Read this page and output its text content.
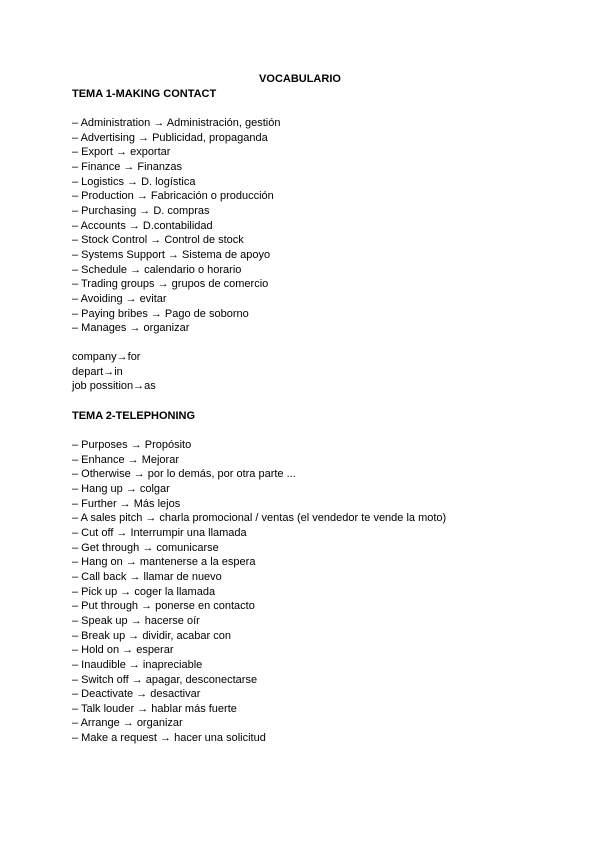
VOCABULARIO
TEMA 1-MAKING CONTACT
– Administration → Administración, gestión
– Advertising → Publicidad, propaganda
– Export → exportar
– Finance → Finanzas
– Logistics → D. logística
– Production → Fabricación o producción
– Purchasing → D. compras
– Accounts → D.contabilidad
– Stock Control → Control de stock
– Systems Support → Sistema de apoyo
– Schedule → calendario o horario
– Trading groups → grupos de comercio
– Avoiding → evitar
– Paying bribes → Pago de soborno
– Manages → organizar
company→for
depart→in
job possition→as
TEMA 2-TELEPHONING
– Purposes → Propósito
– Enhance → Mejorar
– Otherwise → por lo demás, por otra parte ...
– Hang up → colgar
– Further → Más lejos
– A sales pitch → charla promocional / ventas (el vendedor te vende la moto)
– Cut off → Interrumpir una llamada
– Get through → comunicarse
– Hang on → mantenerse a la espera
– Call back → llamar de nuevo
– Pick up → coger la llamada
– Put through → ponerse en contacto
– Speak up → hacerse oír
– Break up → dividir, acabar con
– Hold on → esperar
– Inaudible → inapreciable
– Switch off → apagar, desconectarse
– Deactivate → desactivar
– Talk louder → hablar más fuerte
– Arrange → organizar
– Make a request → hacer una solicitud
